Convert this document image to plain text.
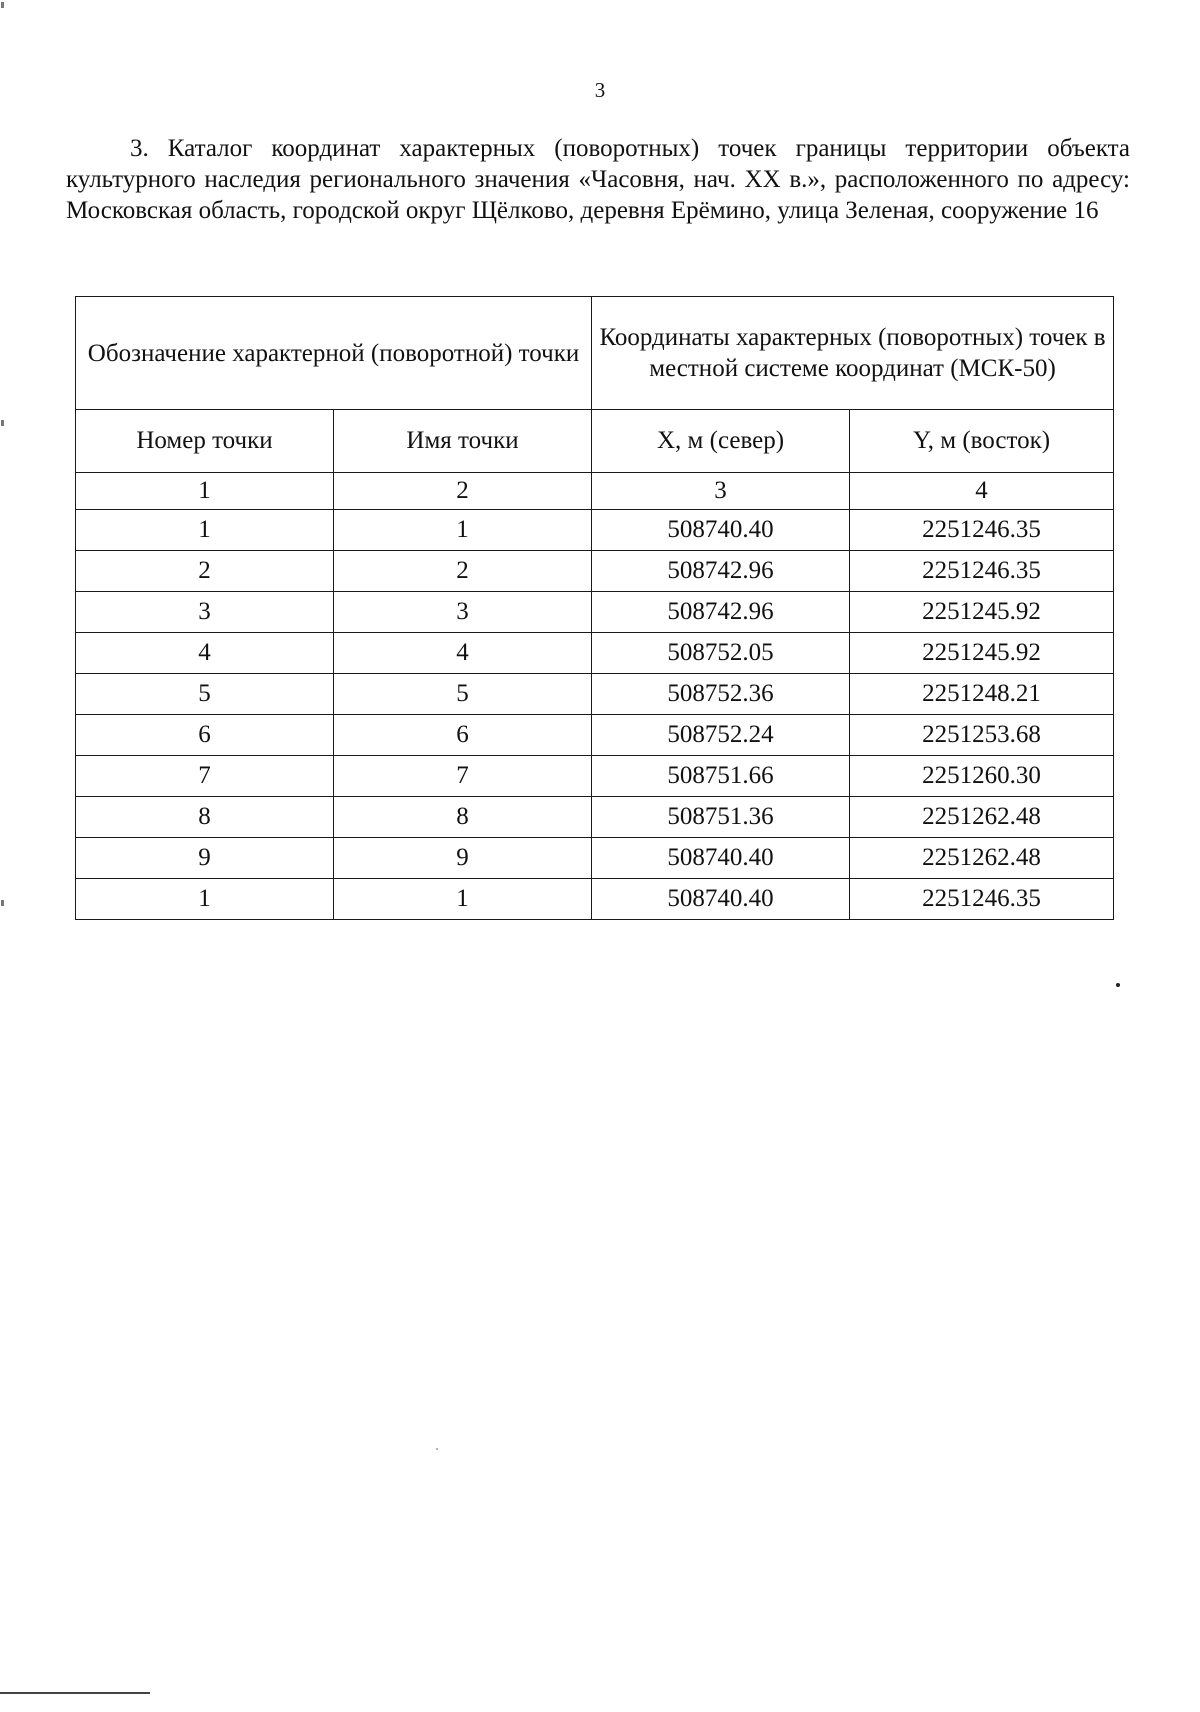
3

3. Каталог координат характерных (поворотных) точек границы территории объекта культурного наследия регионального значения «Часовня, нач. XX в.», расположенного по адресу: Московская область, городской округ Щёлково, деревня Ерёмино, улица Зеленая, сооружение 16

Обозначение характерной (поворотной) точки		Координаты характерных (поворотных) точек в местной системе координат (МСК-50)	
Номер точки	Имя точки	X, м (север)	Y, м (восток)
1	2	3	4
1	1	508740.40	2251246.35
2	2	508742.96	2251246.35
3	3	508742.96	2251245.92
4	4	508752.05	2251245.92
5	5	508752.36	2251248.21
6	6	508752.24	2251253.68
7	7	508751.66	2251260.30
8	8	508751.36	2251262.48
9	9	508740.40	2251262.48
1	1	508740.40	2251246.35
